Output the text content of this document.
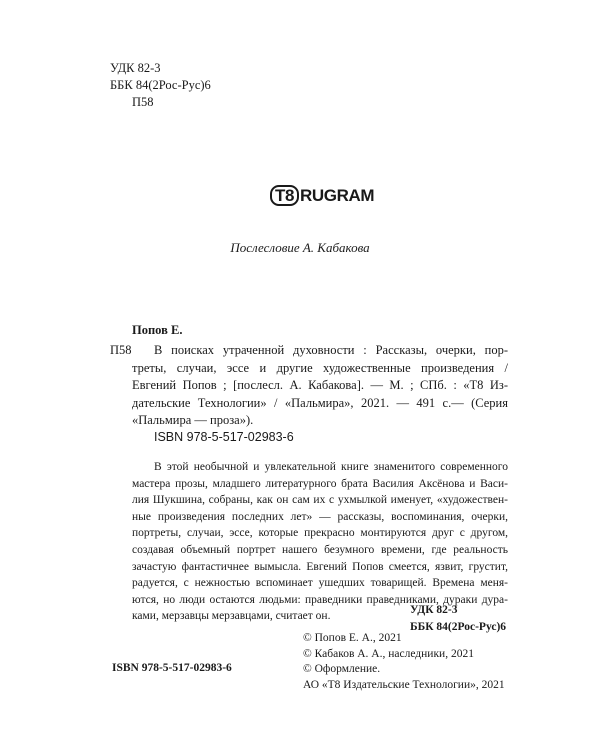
УДК 82-3
ББК 84(2Рос-Рус)6
П58
T8 RUGRAM
Послесловие А. Кабакова
Попов Е.
П58	В поисках утраченной духовности : Рассказы, очерки, пор-
треты, случаи, эссе и другие художественные произведения /
Евгений Попов ; [послесл. А. Кабакова]. — М. ; СПб. : «Т8 Из-
дательские Технологии» / «Пальмира», 2021. — 491 с.— (Серия
«Пальмира — проза»).
ISBN 978-5-517-02983-6
В этой необычной и увлекательной книге знаменитого современного
мастера прозы, младшего литературного брата Василия Аксёнова и Васи-
лия Шукшина, собраны, как он сам их с ухмылкой именует, «художествен-
ные произведения последних лет» — рассказы, воспоминания, очерки,
портреты, случаи, эссе, которые прекрасно монтируются друг с другом,
создавая объемный портрет нашего безумного времени, где реальность
зачастую фантастичнее вымысла. Евгений Попов смеется, язвит, грустит,
радуется, с нежностью вспоминает ушедших товарищей. Времена меня-
ются, но люди остаются людьми: праведники праведниками, дураки дура-
ками, мерзавцы мерзавцами, считает он.
УДК 82-3
ББК 84(2Рос-Рус)6
© Попов Е. А., 2021
© Кабаков А. А., наследники, 2021
© Оформление.
АО «Т8 Издательские Технологии», 2021
ISBN 978-5-517-02983-6
